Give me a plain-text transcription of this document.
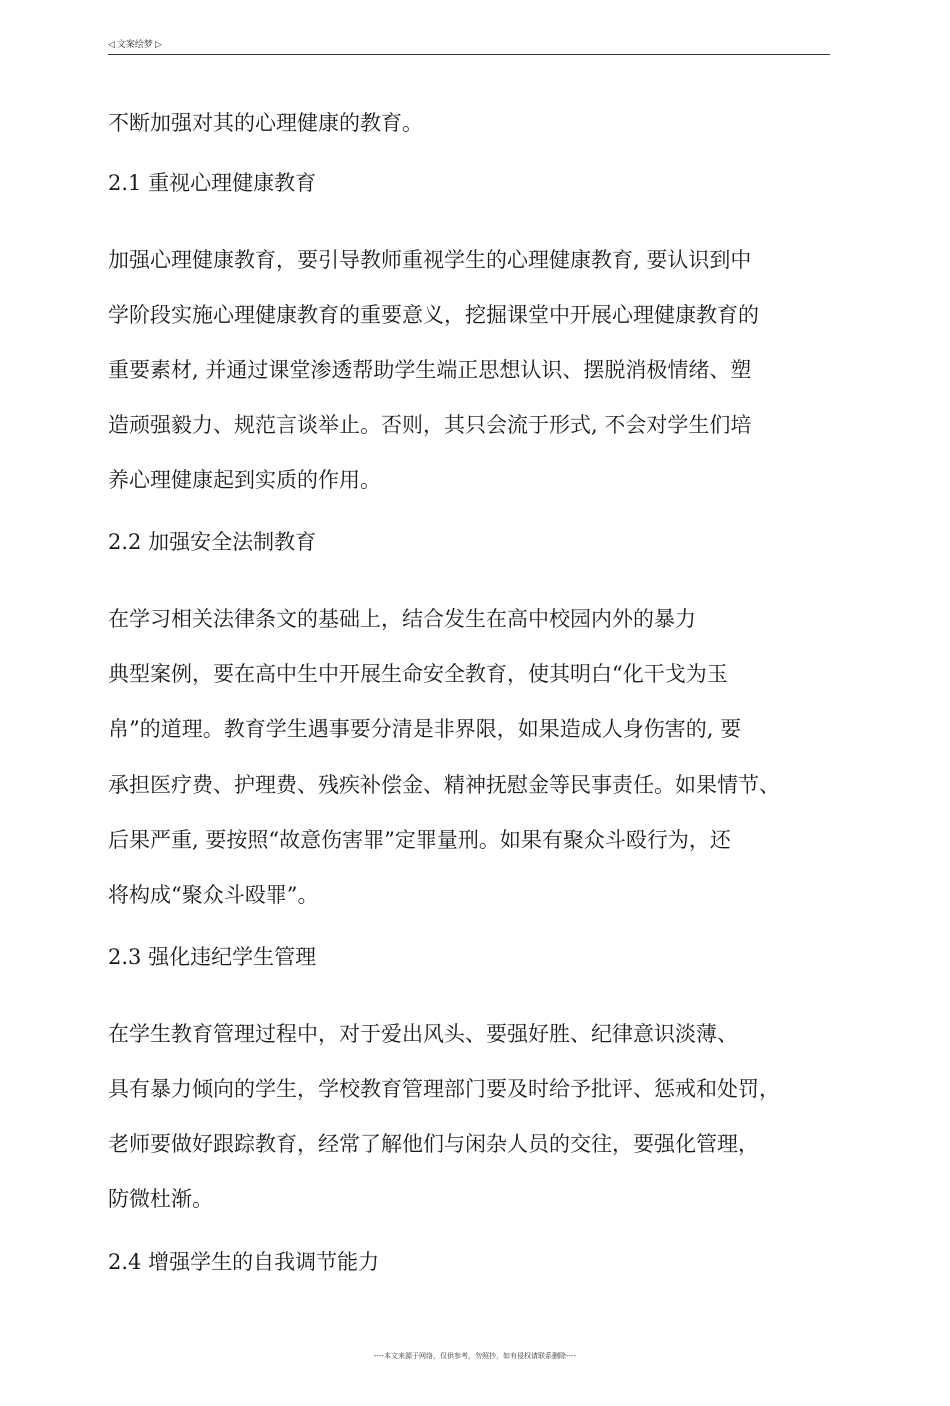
◁ 文案绘梦 ▷
不断加强对其的心理健康的教育。
2.1 重视心理健康教育
加强心理健康教育，要引导教师重视学生的心理健康教育, 要认识到中
学阶段实施心理健康教育的重要意义，挖掘课堂中开展心理健康教育的
重要素材, 并通过课堂渗透帮助学生端正思想认识、摆脱消极情绪、塑
造顽强毅力、规范言谈举止。否则，其只会流于形式, 不会对学生们培
养心理健康起到实质的作用。
2.2 加强安全法制教育
在学习相关法律条文的基础上，结合发生在高中校园内外的暴力
典型案例，要在高中生中开展生命安全教育，使其明白“化干戈为玉
帛”的道理。教育学生遇事要分清是非界限，如果造成人身伤害的, 要
承担医疗费、护理费、残疾补偿金、精神抚慰金等民事责任。如果情节、
后果严重, 要按照“故意伤害罪”定罪量刑。如果有聚众斗殴行为，还
将构成“聚众斗殴罪”。
2.3 强化违纪学生管理
在学生教育管理过程中，对于爱出风头、要强好胜、纪律意识淡薄、
具有暴力倾向的学生，学校教育管理部门要及时给予批评、惩戒和处罚，
老师要做好跟踪教育，经常了解他们与闲杂人员的交往，要强化管理，
防微杜渐。
2.4 增强学生的自我调节能力
----本文来源于网络，仅供参考，勿照抄，如有侵权请联系删除----
